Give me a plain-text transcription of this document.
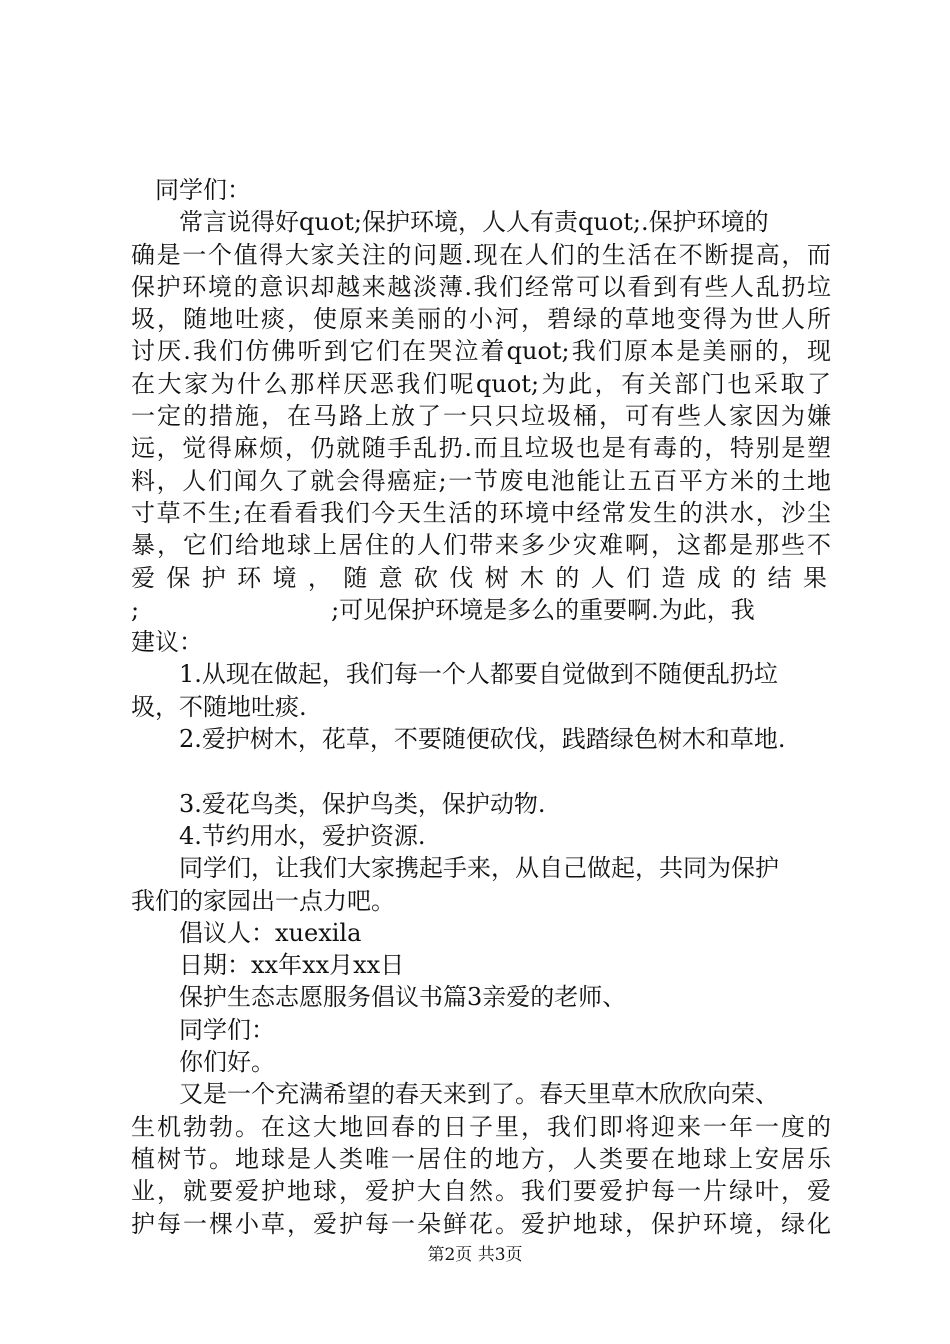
同学们：

常言说得好quot;保护环境，人人有责quot;.保护环境的
确是一个值得大家关注的问题.现在人们的生活在不断提高，而
保护环境的意识却越来越淡薄.我们经常可以看到有些人乱扔垃
圾，随地吐痰，使原来美丽的小河，碧绿的草地变得为世人所
讨厌.我们仿佛听到它们在哭泣着quot;我们原本是美丽的，现
在大家为什么那样厌恶我们呢quot;为此，有关部门也采取了
一定的措施，在马路上放了一只只垃圾桶，可有些人家因为嫌
远，觉得麻烦，仍就随手乱扔.而且垃圾也是有毒的，特别是塑
料，人们闻久了就会得癌症;一节废电池能让五百平方米的土地
寸草不生;在看看我们今天生活的环境中经常发生的洪水，沙尘
暴，它们给地球上居住的人们带来多少灾难啊，这都是那些不
爱保护环境，随意砍伐树木的人们造成的结果
;　　　　　　　　;可见保护环境是多么的重要啊.为此，我
建议：

1.从现在做起，我们每一个人都要自觉做到不随便乱扔垃
圾，不随地吐痰.

2.爱护树木，花草，不要随便砍伐，践踏绿色树木和草地.

3.爱花鸟类，保护鸟类，保护动物.

4.节约用水，爱护资源.

同学们，让我们大家携起手来，从自己做起，共同为保护
我们的家园出一点力吧。

倡议人：xuexila

日期：xx年xx月xx日

保护生态志愿服务倡议书篇3亲爱的老师、

同学们：

你们好。

又是一个充满希望的春天来到了。春天里草木欣欣向荣、
生机勃勃。在这大地回春的日子里，我们即将迎来一年一度的
植树节。地球是人类唯一居住的地方，人类要在地球上安居乐
业，就要爱护地球，爱护大自然。我们要爱护每一片绿叶，爱
护每一棵小草，爱护每一朵鲜花。爱护地球，保护环境，绿化

第2页 共3页
